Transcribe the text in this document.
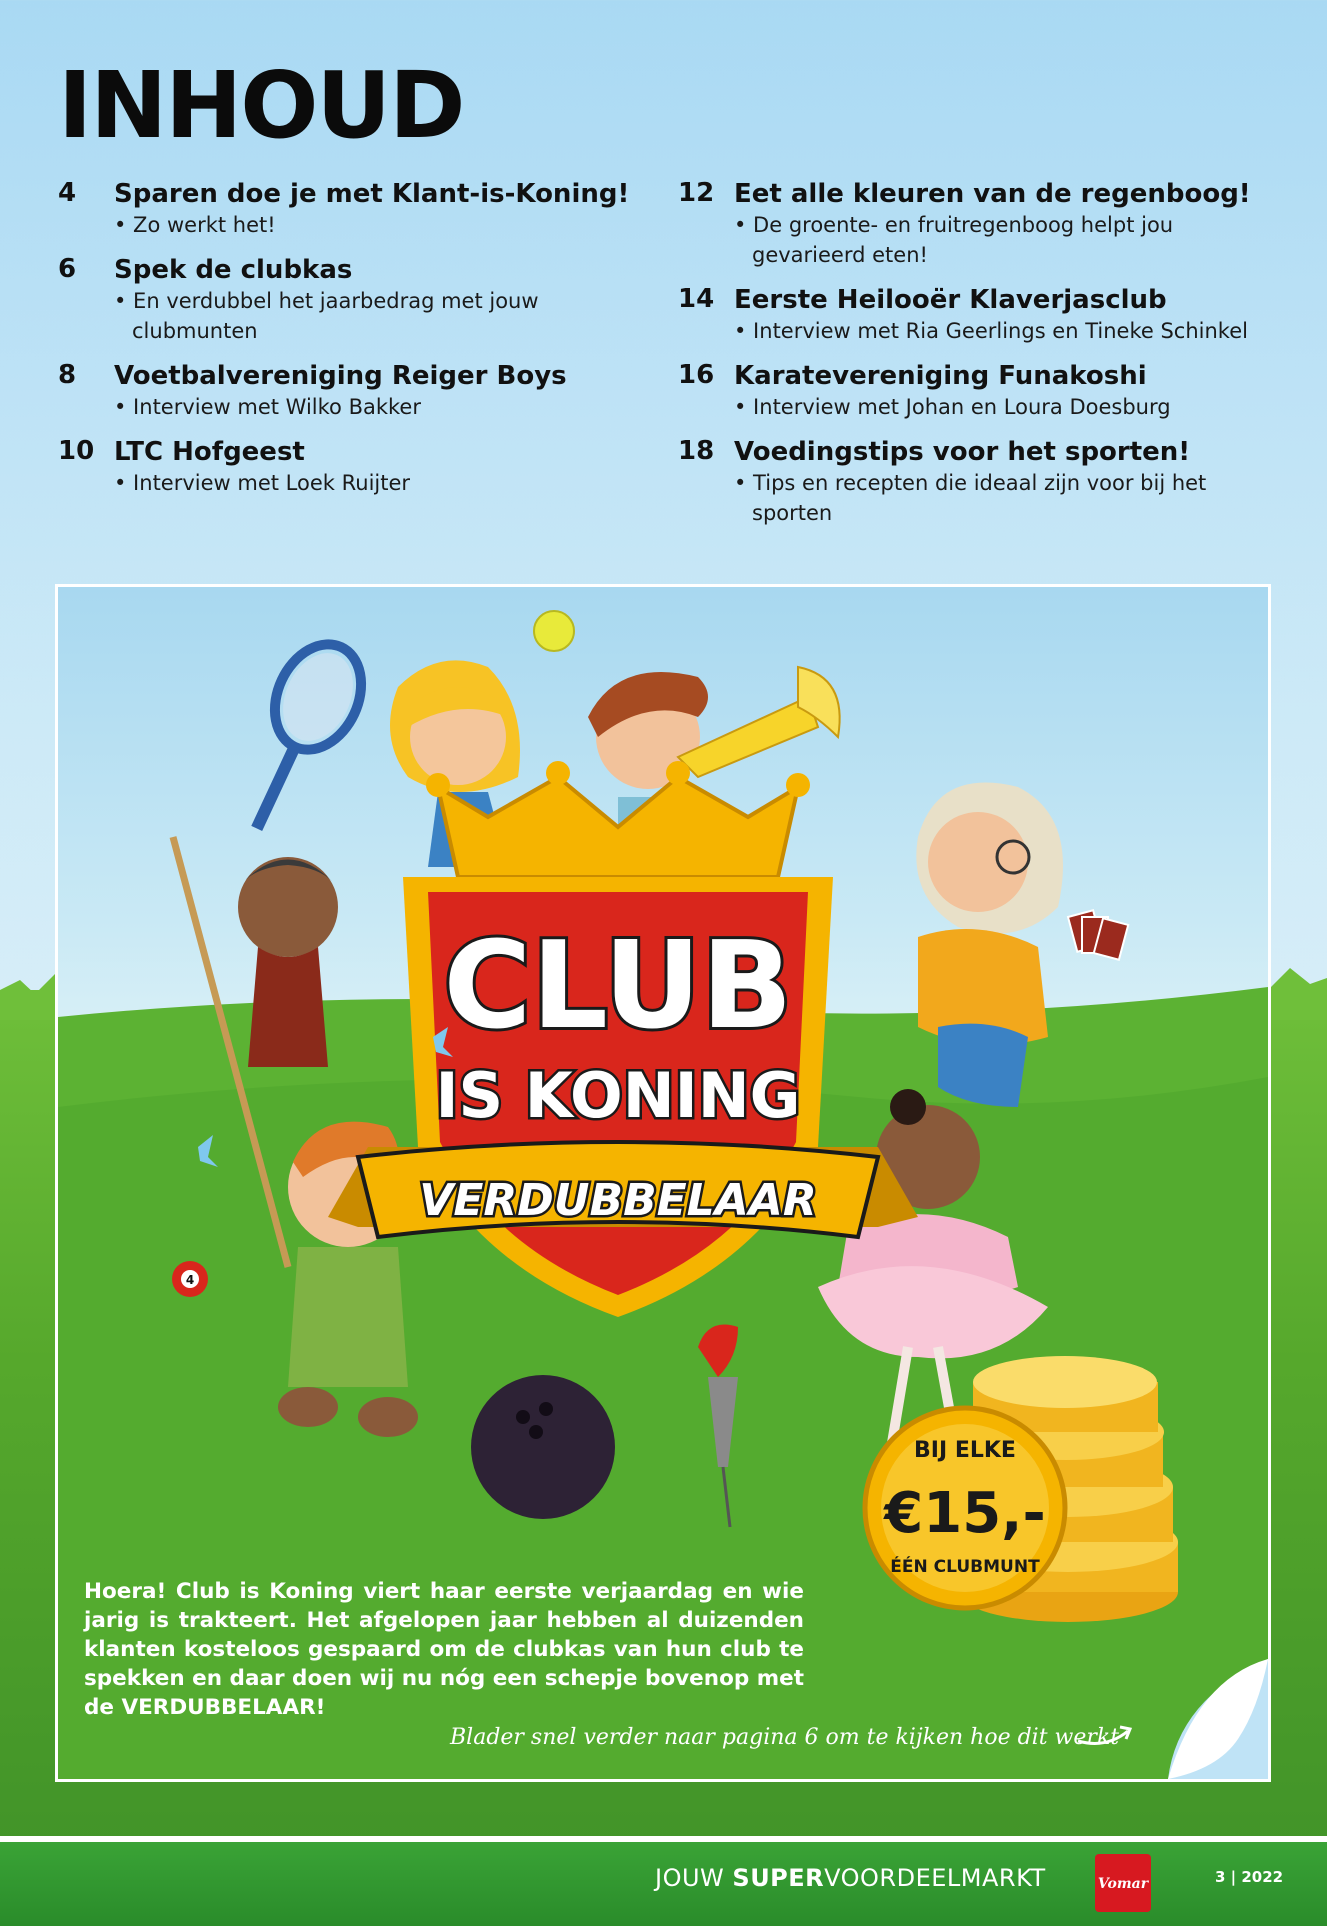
INHOUD
4	Sparen doe je met Klant-is-Koning!
• Zo werkt het!
6	Spek de clubkas
• En verdubbel het jaarbedrag met jouw clubmunten
8	Voetbalvereniging Reiger Boys
• Interview met Wilko Bakker
10 LTC Hofgeest
• Interview met Loek Ruijter
12 Eet alle kleuren van de regenboog!
• De groente- en fruitregenboog helpt jou gevarieerd eten!
14 Eerste Heilooër Klaverjasclub
• Interview met Ria Geerlings en Tineke Schinkel
16 Karatevereniging Funakoshi
• Interview met Johan en Loura Doesburg
18 Voedingstips voor het sporten!
• Tips en recepten die ideaal zijn voor bij het sporten
4
CLUB
IS KONING
VERDUBBELAAR
BIJ ELKE
€15,-
ÉÉN CLUBMUNT
Hoera! Club is Koning viert haar eerste verjaardag en wie jarig is trakteert. Het afgelopen jaar hebben al duizenden klanten kosteloos gespaard om de clubkas van hun club te spekken en daar doen wij nu nóg een schepje bovenop met de VERDUBBELAAR!
Blader snel verder naar pagina 6 om te kijken hoe dit werkt
JOUW SUPERVOORDEELMARKT	Vomar	3 | 2022
